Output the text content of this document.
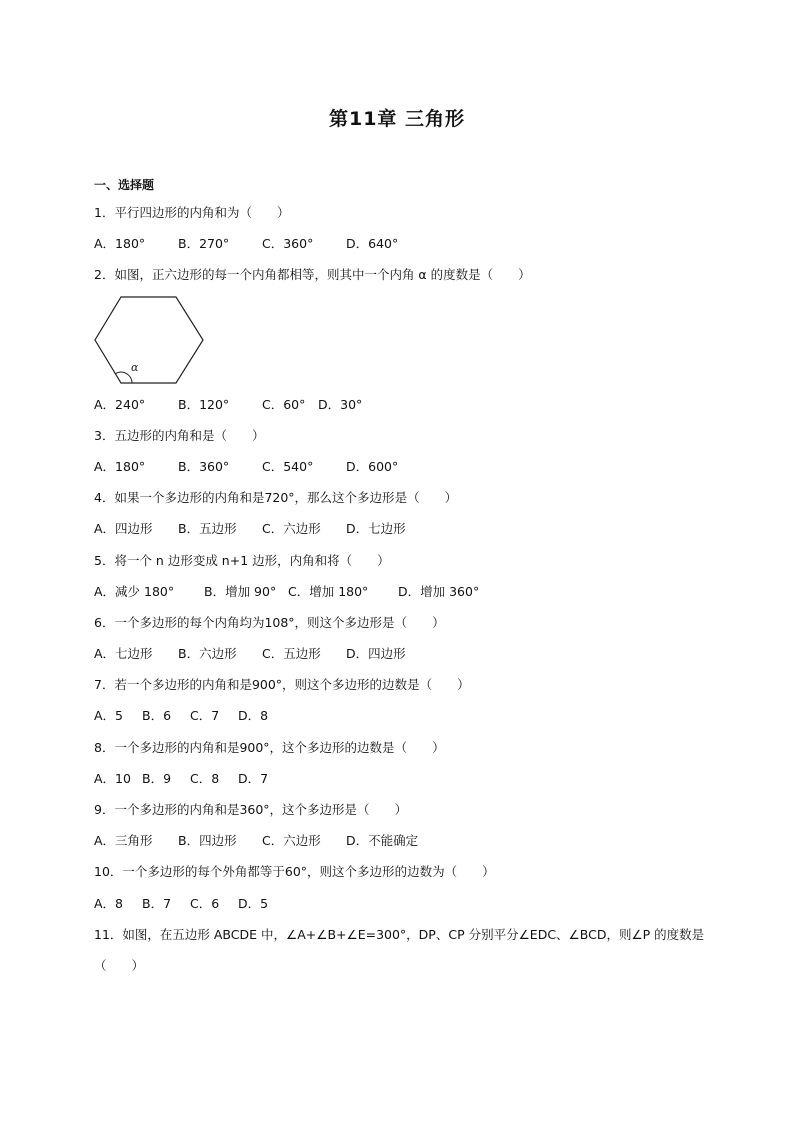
第11章 三角形
一、选择题
1．平行四边形的内角和为（　　）
A．180°	B．270°	C．360°	D．640°
2．如图，正六边形的每一个内角都相等，则其中一个内角 α 的度数是（　　）
α
A．240°	B．120°	C．60° D．30°
3．五边形的内角和是（　　）
A．180°	B．360°	C．540°	D．600°
4．如果一个多边形的内角和是720°，那么这个多边形是（　　）
A．四边形 B．五边形 C．六边形 D．七边形
5．将一个 n 边形变成 n+1 边形，内角和将（　　）
A．减少 180° B．增加 90° C．增加 180° D．增加 360°
6．一个多边形的每个内角均为108°，则这个多边形是（　　）
A．七边形 B．六边形 C．五边形 D．四边形
7．若一个多边形的内角和是900°，则这个多边形的边数是（　　）
A．5 B．6 C．7 D．8
8．一个多边形的内角和是900°，这个多边形的边数是（　　）
A．10 B．9 C．8 D．7
9．一个多边形的内角和是360°，这个多边形是（　　）
A．三角形 B．四边形 C．六边形 D．不能确定
10．一个多边形的每个外角都等于60°，则这个多边形的边数为（　　）
A．8 B．7 C．6 D．5
11．如图，在五边形 ABCDE 中，∠A+∠B+∠E=300°，DP、CP 分别平分∠EDC、∠BCD，则∠P 的度数是（　　）
